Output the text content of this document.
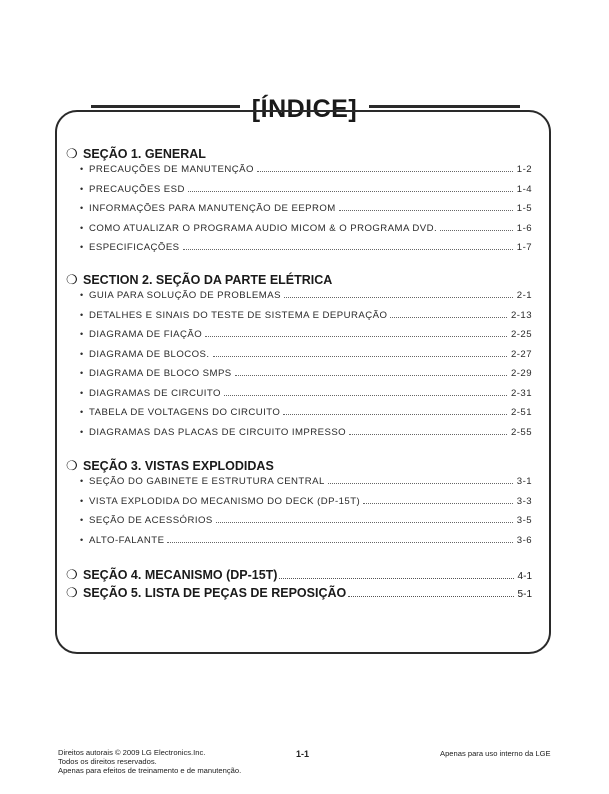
[ÍNDICE]
❍ SEÇÃO 1. GENERAL
• PRECAUÇÕES DE MANUTENÇÃO	1-2
• PRECAUÇÕES ESD	1-4
• INFORMAÇÕES PARA MANUTENÇÃO DE EEPROM	1-5
• COMO ATUALIZAR O PROGRAMA AUDIO MICOM & O PROGRAMA DVD.	1-6
• ESPECIFICAÇÕES	1-7
❍ SECTION 2. SEÇÃO DA PARTE ELÉTRICA
• GUIA PARA SOLUÇÃO DE PROBLEMAS	2-1
• DETALHES E SINAIS DO TESTE DE SISTEMA E DEPURAÇÃO	2-13
• DIAGRAMA DE FIAÇÃO	2-25
• DIAGRAMA DE BLOCOS.	2-27
• DIAGRAMA DE BLOCO SMPS	2-29
• DIAGRAMAS DE CIRCUITO	2-31
• TABELA DE VOLTAGENS DO CIRCUITO	2-51
• DIAGRAMAS DAS PLACAS DE CIRCUITO IMPRESSO	2-55
❍ SEÇÃO 3. VISTAS EXPLODIDAS
• SEÇÃO DO GABINETE E ESTRUTURA CENTRAL	3-1
• VISTA EXPLODIDA DO MECANISMO DO DECK (DP-15T)	3-3
• SEÇÃO DE ACESSÓRIOS	3-5
• ALTO-FALANTE	3-6
❍ SEÇÃO 4. MECANISMO (DP-15T)	4-1
❍ SEÇÃO 5. LISTA DE PEÇAS DE REPOSIÇÃO	5-1
Direitos autorais © 2009 LG Electronics.Inc.
Todos os direitos reservados.
Apenas para efeitos de treinamento e de manutenção.
1-1	Apenas para uso interno da LGE
